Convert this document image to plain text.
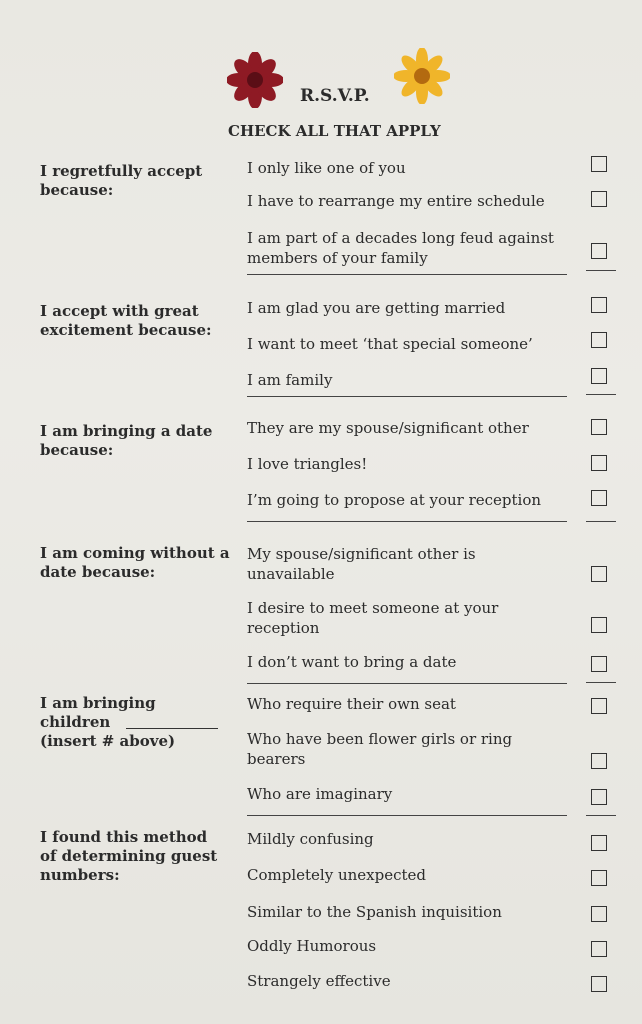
R.S.V.P.
CHECK ALL THAT APPLY
I regretfully accept because:
I only like one of you
I have to rearrange my entire schedule
I am part of a decades long feud against members of your family
I accept with great excitement because:
I am glad you are getting married
I want to meet ‘that special someone’
I am family
I am bringing a date because:
They are my spouse/significant other
I love triangles!
I’m going to propose at your reception
I am coming without a date because:
My spouse/significant other is unavailable
I desire to meet someone at your reception
I don’t want to bring a date
I am bringing
children
(insert # above)
Who require their own seat
Who have been flower girls or ring bearers
Who are imaginary
I found this method of determining guest numbers:
Mildly confusing
Completely unexpected
Similar to the Spanish inquisition
Oddly Humorous
Strangely effective
